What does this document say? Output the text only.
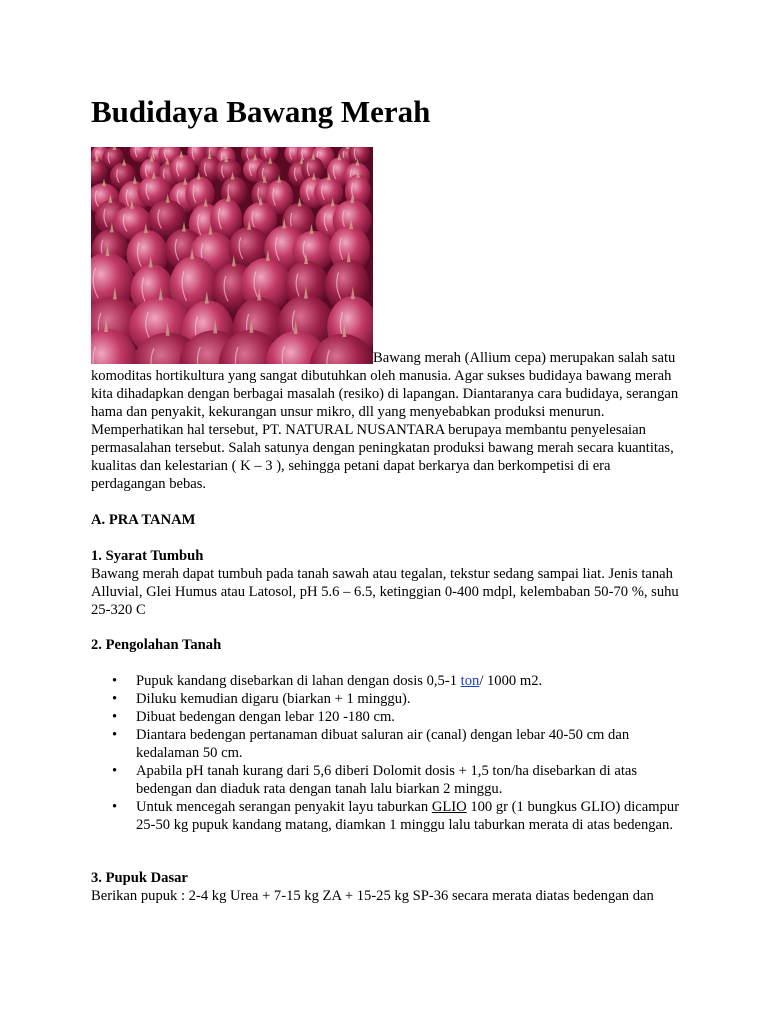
Budidaya Bawang Merah

Bawang merah (Allium cepa) merupakan salah satu komoditas hortikultura yang sangat dibutuhkan oleh manusia. Agar sukses budidaya bawang merah kita dihadapkan dengan berbagai masalah (resiko) di lapangan. Diantaranya cara budidaya, serangan hama dan penyakit, kekurangan unsur mikro, dll yang menyebabkan produksi menurun. Memperhatikan hal tersebut, PT. NATURAL NUSANTARA berupaya membantu penyelesaian permasalahan tersebut. Salah satunya dengan peningkatan produksi bawang merah secara kuantitas, kualitas dan kelestarian ( K – 3 ), sehingga petani dapat berkarya dan berkompetisi di era perdagangan bebas.

A. PRA TANAM

1. Syarat Tumbuh

Bawang merah dapat tumbuh pada tanah sawah atau tegalan, tekstur sedang sampai liat. Jenis tanah Alluvial, Glei Humus atau Latosol, pH 5.6 – 6.5, ketinggian 0-400 mdpl, kelembaban 50-70 %, suhu 25-320 C

2. Pengolahan Tanah

• Pupuk kandang disebarkan di lahan dengan dosis 0,5-1 ton/ 1000 m2.
• Diluku kemudian digaru (biarkan + 1 minggu).
• Dibuat bedengan dengan lebar 120 -180 cm.
• Diantara bedengan pertanaman dibuat saluran air (canal) dengan lebar 40-50 cm dan kedalaman 50 cm.
• Apabila pH tanah kurang dari 5,6 diberi Dolomit dosis + 1,5 ton/ha disebarkan di atas bedengan dan diaduk rata dengan tanah lalu biarkan 2 minggu.
• Untuk mencegah serangan penyakit layu taburkan GLIO 100 gr (1 bungkus GLIO) dicampur 25-50 kg pupuk kandang matang, diamkan 1 minggu lalu taburkan merata di atas bedengan.

3. Pupuk Dasar

Berikan pupuk : 2-4 kg Urea + 7-15 kg ZA + 15-25 kg SP-36 secara merata diatas bedengan dan
